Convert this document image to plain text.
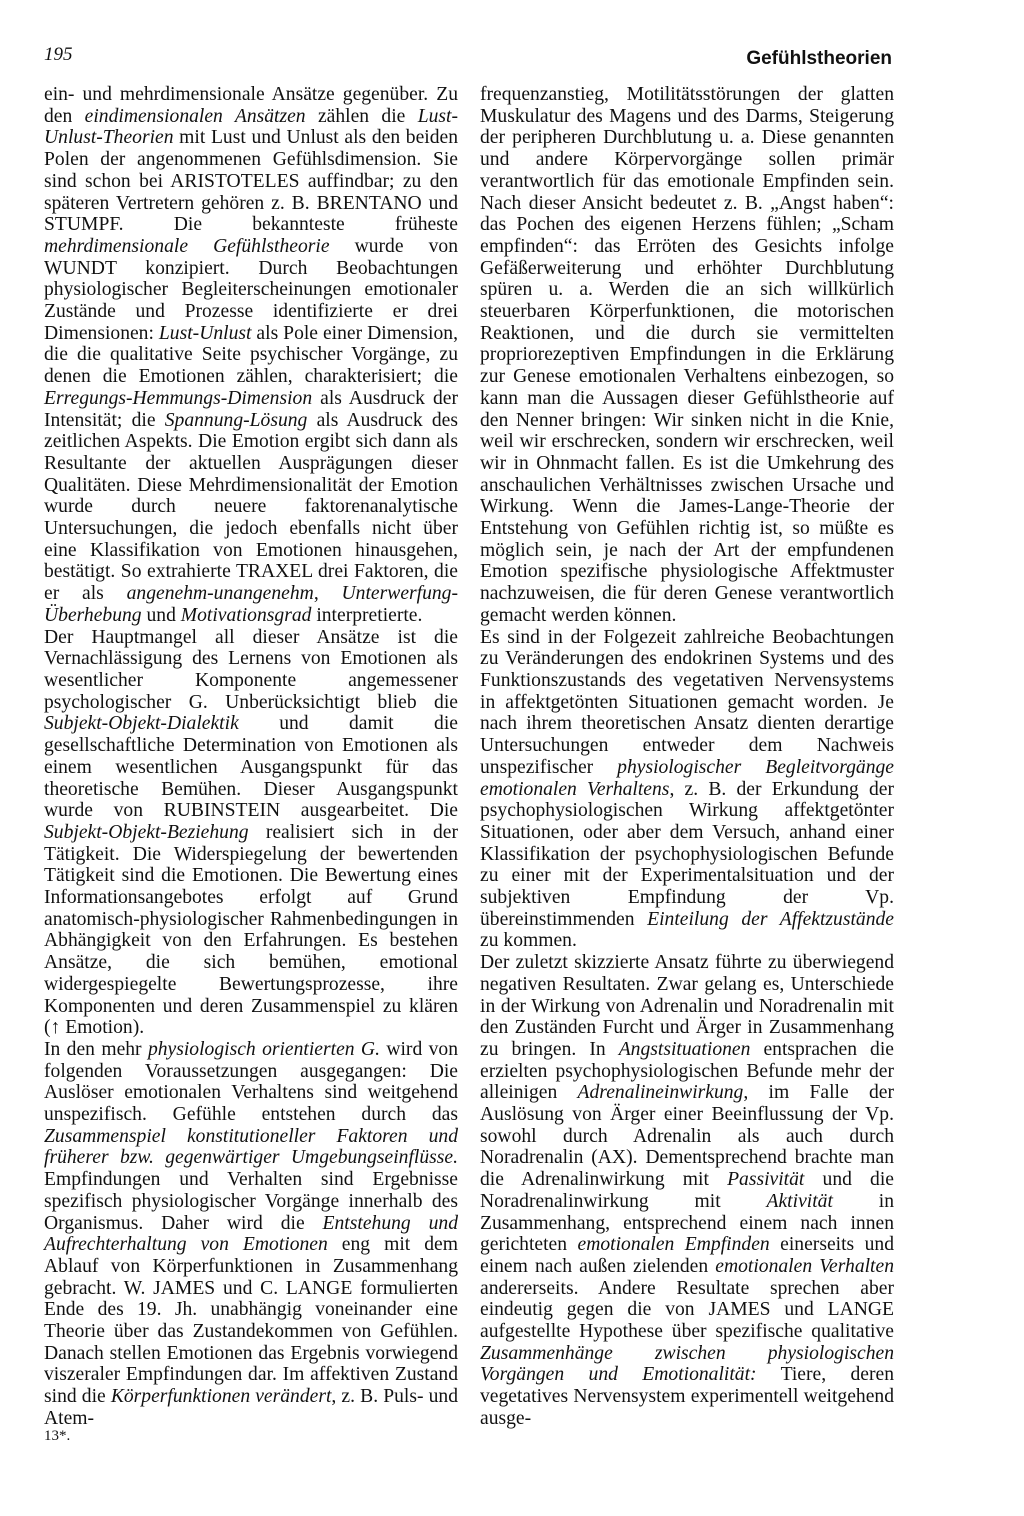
195	Gefühlstheorien

ein- und mehrdimensionale Ansätze gegenüber. Zu den eindimensionalen Ansätzen zählen die Lust-Unlust-Theorien mit Lust und Unlust als den beiden Polen der angenommenen Gefühlsdimension. Sie sind schon bei ARISTOTELES auffindbar; zu den späteren Vertretern gehören z. B. BRENTANO und STUMPF. Die bekannteste früheste mehrdimensionale Gefühlstheorie wurde von WUNDT konzipiert. Durch Beobachtungen physiologischer Begleiterscheinungen emotionaler Zustände und Prozesse identifizierte er drei Dimensionen: Lust-Unlust als Pole einer Dimension, die die qualitative Seite psychischer Vorgänge, zu denen die Emotionen zählen, charakterisiert; die Erregungs-Hemmungs-Dimension als Ausdruck der Intensität; die Spannung-Lösung als Ausdruck des zeitlichen Aspekts. Die Emotion ergibt sich dann als Resultante der aktuellen Ausprägungen dieser Qualitäten. Diese Mehrdimensionalität der Emotion wurde durch neuere faktorenanalytische Untersuchungen, die jedoch ebenfalls nicht über eine Klassifikation von Emotionen hinausgehen, bestätigt. So extrahierte TRAXEL drei Faktoren, die er als angenehm-unangenehm, Unterwerfung-Überhebung und Motivationsgrad interpretierte.

Der Hauptmangel all dieser Ansätze ist die Vernachlässigung des Lernens von Emotionen als wesentlicher Komponente angemessener psychologischer G. Unberücksichtigt blieb die Subjekt-Objekt-Dialektik und damit die gesellschaftliche Determination von Emotionen als einem wesentlichen Ausgangspunkt für das theoretische Bemühen. Dieser Ausgangspunkt wurde von RUBINSTEIN ausgearbeitet. Die Subjekt-Objekt-Beziehung realisiert sich in der Tätigkeit. Die Widerspiegelung der bewertenden Tätigkeit sind die Emotionen. Die Bewertung eines Informationsangebotes erfolgt auf Grund anatomisch-physiologischer Rahmenbedingungen in Abhängigkeit von den Erfahrungen. Es bestehen Ansätze, die sich bemühen, emotional widergespiegelte Bewertungsprozesse, ihre Komponenten und deren Zusammenspiel zu klären (↑ Emotion).

In den mehr physiologisch orientierten G. wird von folgenden Voraussetzungen ausgegangen: Die Auslöser emotionalen Verhaltens sind weitgehend unspezifisch. Gefühle entstehen durch das Zusammenspiel konstitutioneller Faktoren und früherer bzw. gegenwärtiger Umgebungseinflüsse. Empfindungen und Verhalten sind Ergebnisse spezifisch physiologischer Vorgänge innerhalb des Organismus. Daher wird die Entstehung und Aufrechterhaltung von Emotionen eng mit dem Ablauf von Körperfunktionen in Zusammenhang gebracht. W. JAMES und C. LANGE formulierten Ende des 19. Jh. unabhängig voneinander eine Theorie über das Zustandekommen von Gefühlen. Danach stellen Emotionen das Ergebnis vorwiegend viszeraler Empfindungen dar. Im affektiven Zustand sind die Körperfunktionen verändert, z. B. Puls- und Atem-

frequenzanstieg, Motilitätsstörungen der glatten Muskulatur des Magens und des Darms, Steigerung der peripheren Durchblutung u. a. Diese genannten und andere Körpervorgänge sollen primär verantwortlich für das emotionale Empfinden sein. Nach dieser Ansicht bedeutet z. B. „Angst haben“: das Pochen des eigenen Herzens fühlen; „Scham empfinden“: das Erröten des Gesichts infolge Gefäßerweiterung und erhöhter Durchblutung spüren u. a. Werden die an sich willkürlich steuerbaren Körperfunktionen, die motorischen Reaktionen, und die durch sie vermittelten propriorezeptiven Empfindungen in die Erklärung zur Genese emotionalen Verhaltens einbezogen, so kann man die Aussagen dieser Gefühlstheorie auf den Nenner bringen: Wir sinken nicht in die Knie, weil wir erschrecken, sondern wir erschrecken, weil wir in Ohnmacht fallen. Es ist die Umkehrung des anschaulichen Verhältnisses zwischen Ursache und Wirkung. Wenn die James-Lange-Theorie der Entstehung von Gefühlen richtig ist, so müßte es möglich sein, je nach der Art der empfundenen Emotion spezifische physiologische Affektmuster nachzuweisen, die für deren Genese verantwortlich gemacht werden können.

Es sind in der Folgezeit zahlreiche Beobachtungen zu Veränderungen des endokrinen Systems und des Funktionszustands des vegetativen Nervensystems in affektgetönten Situationen gemacht worden. Je nach ihrem theoretischen Ansatz dienten derartige Untersuchungen entweder dem Nachweis unspezifischer physiologischer Begleitvorgänge emotionalen Verhaltens, z. B. der Erkundung der psychophysiologischen Wirkung affektgetönter Situationen, oder aber dem Versuch, anhand einer Klassifikation der psychophysiologischen Befunde zu einer mit der Experimentalsituation und der subjektiven Empfindung der Vp. übereinstimmenden Einteilung der Affektzustände zu kommen.

Der zuletzt skizzierte Ansatz führte zu überwiegend negativen Resultaten. Zwar gelang es, Unterschiede in der Wirkung von Adrenalin und Noradrenalin mit den Zuständen Furcht und Ärger in Zusammenhang zu bringen. In Angstsituationen entsprachen die erzielten psychophysiologischen Befunde mehr der alleinigen Adrenalineinwirkung, im Falle der Auslösung von Ärger einer Beeinflussung der Vp. sowohl durch Adrenalin als auch durch Noradrenalin (AX). Dementsprechend brachte man die Adrenalinwirkung mit Passivität und die Noradrenalinwirkung mit Aktivität in Zusammenhang, entsprechend einem nach innen gerichteten emotionalen Empfinden einerseits und einem nach außen zielenden emotionalen Verhalten andererseits. Andere Resultate sprechen aber eindeutig gegen die von JAMES und LANGE aufgestellte Hypothese über spezifische qualitative Zusammenhänge zwischen physiologischen Vorgängen und Emotionalität: Tiere, deren vegetatives Nervensystem experimentell weitgehend ausge-

13*.
